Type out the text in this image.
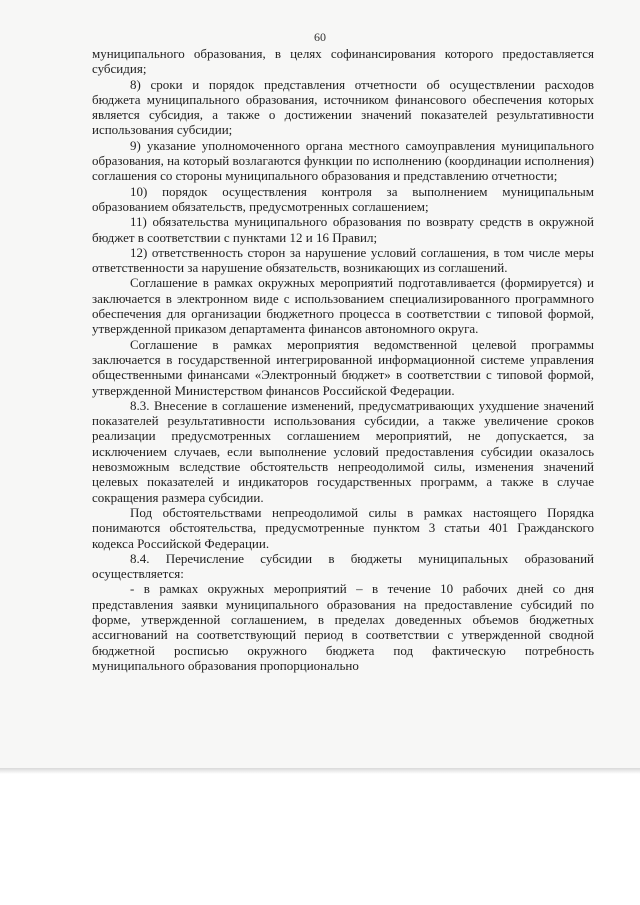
60

муниципального образования, в целях софинансирования которого предоставляется субсидия;

8) сроки и порядок представления отчетности об осуществлении расходов бюджета муниципального образования, источником финансового обеспечения которых является субсидия, а также о достижении значений показателей результативности использования субсидии;

9) указание уполномоченного органа местного самоуправления муниципального образования, на который возлагаются функции по исполнению (координации исполнения) соглашения со стороны муниципального образования и представлению отчетности;

10) порядок осуществления контроля за выполнением муниципальным образованием обязательств, предусмотренных соглашением;

11) обязательства муниципального образования по возврату средств в окружной бюджет в соответствии с пунктами 12 и 16 Правил;

12) ответственность сторон за нарушение условий соглашения, в том числе меры ответственности за нарушение обязательств, возникающих из соглашений.

Соглашение в рамках окружных мероприятий подготавливается (формируется) и заключается в электронном виде с использованием специализированного программного обеспечения для организации бюджетного процесса в соответствии с типовой формой, утвержденной приказом департамента финансов автономного округа.

Соглашение в рамках мероприятия ведомственной целевой программы заключается в государственной интегрированной информационной системе управления общественными финансами «Электронный бюджет» в соответствии с типовой формой, утвержденной Министерством финансов Российской Федерации.

8.3. Внесение в соглашение изменений, предусматривающих ухудшение значений показателей результативности использования субсидии, а также увеличение сроков реализации предусмотренных соглашением мероприятий, не допускается, за исключением случаев, если выполнение условий предоставления субсидии оказалось невозможным вследствие обстоятельств непреодолимой силы, изменения значений целевых показателей и индикаторов государственных программ, а также в случае сокращения размера субсидии.

Под обстоятельствами непреодолимой силы в рамках настоящего Порядка понимаются обстоятельства, предусмотренные пунктом 3 статьи 401 Гражданского кодекса Российской Федерации.

8.4. Перечисление субсидии в бюджеты муниципальных образований осуществляется:

- в рамках окружных мероприятий – в течение 10 рабочих дней со дня представления заявки муниципального образования на предоставление субсидий по форме, утвержденной соглашением, в пределах доведенных объемов бюджетных ассигнований на соответствующий период в соответствии с утвержденной сводной бюджетной росписью окружного бюджета под фактическую потребность муниципального образования пропорционально
